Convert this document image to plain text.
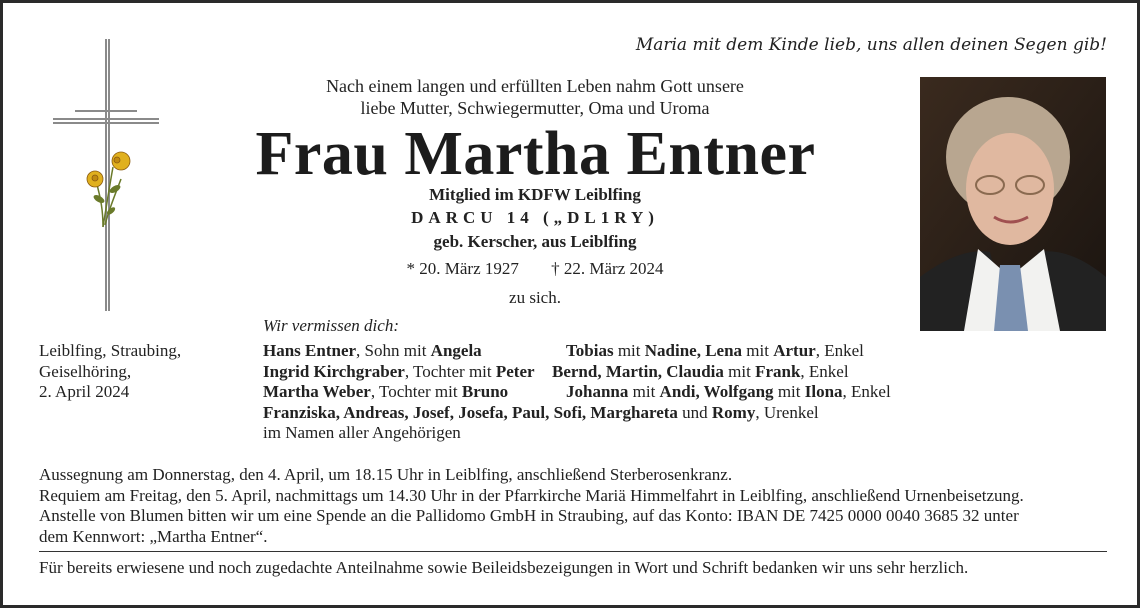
Maria mit dem Kinde lieb, uns allen deinen Segen gib!
Nach einem langen und erfüllten Leben nahm Gott unsere
liebe Mutter, Schwiegermutter, Oma und Uroma
Frau Martha Entner
Mitglied im KDFW Leiblfing
DARCU 14 („DL1RY)
geb. Kerscher, aus Leiblfing
* 20. März 1927 † 22. März 2024
zu sich.
Wir vermissen dich:
Leiblfing, Straubing,
Geiselhöring,
2. April 2024
Hans Entner, Sohn mit Angela	Tobias mit Nadine, Lena mit Artur, Enkel
Ingrid Kirchgraber, Tochter mit Peter Bernd, Martin, Claudia mit Frank, Enkel
Martha Weber, Tochter mit Bruno	Johanna mit Andi, Wolfgang mit Ilona, Enkel
Franziska, Andreas, Josef, Josefa, Paul, Sofi, Marghareta und Romy, Urenkel
im Namen aller Angehörigen
Aussegnung am Donnerstag, den 4. April, um 18.15 Uhr in Leiblfing, anschließend Sterberosenkranz.
Requiem am Freitag, den 5. April, nachmittags um 14.30 Uhr in der Pfarrkirche Mariä Himmelfahrt in Leiblfing, anschließend Urnenbeisetzung.
Anstelle von Blumen bitten wir um eine Spende an die Pallidomo GmbH in Straubing, auf das Konto: IBAN DE 7425 0000 0040 3685 32 unter
dem Kennwort: „Martha Entner“.
Für bereits erwiesene und noch zugedachte Anteilnahme sowie Beileidsbezeigungen in Wort und Schrift bedanken wir uns sehr herzlich.
